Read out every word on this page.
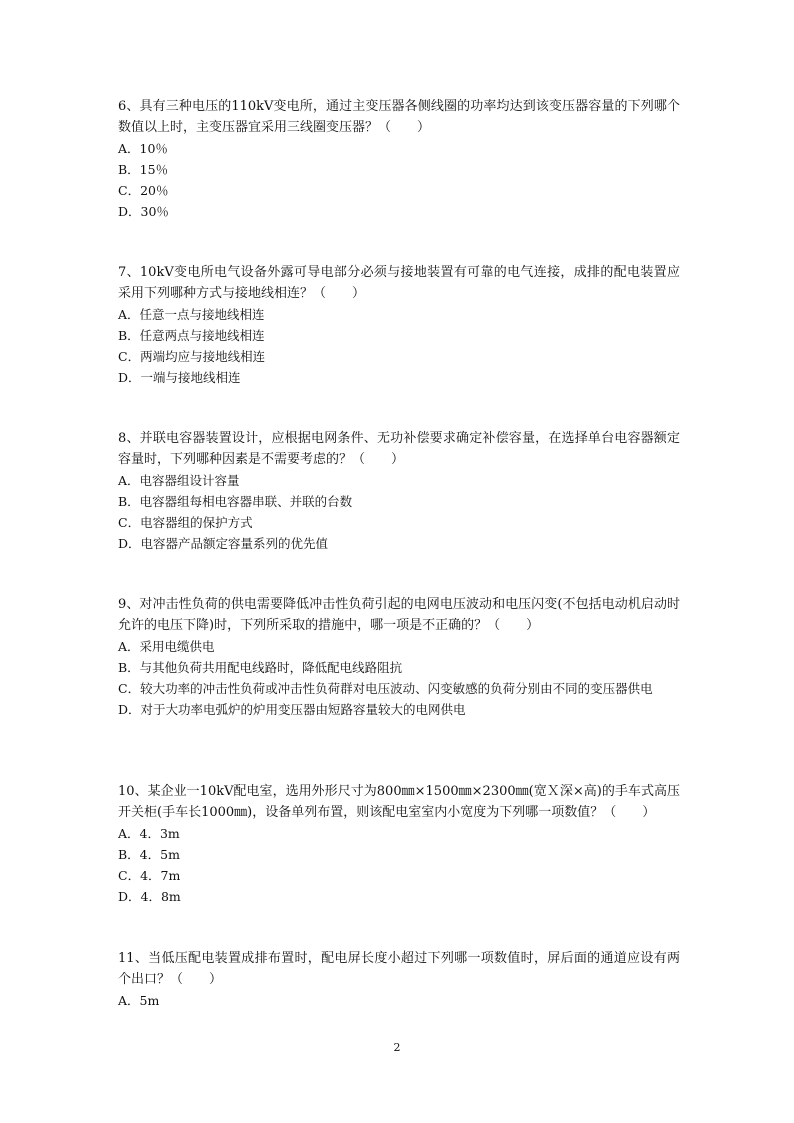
6、具有三种电压的110kV变电所，通过主变压器各侧线圈的功率均达到该变压器容量的下列哪个数值以上时，主变压器宜采用三线圈变压器？（　　）

A．10％

B．15％

C．20％

D．30％

7、10kV变电所电气设备外露可导电部分必须与接地装置有可靠的电气连接，成排的配电装置应采用下列哪种方式与接地线相连？（　　）

A．任意一点与接地线相连

B．任意两点与接地线相连

C．两端均应与接地线相连

D．一端与接地线相连

8、并联电容器装置设计，应根据电网条件、无功补偿要求确定补偿容量，在选择单台电容器额定容量时，下列哪种因素是不需要考虑的？（　　）

A．电容器组设计容量

B．电容器组每相电容器串联、并联的台数

C．电容器组的保护方式

D．电容器产品额定容量系列的优先值

9、对冲击性负荷的供电需要降低冲击性负荷引起的电网电压波动和电压闪变(不包括电动机启动时允许的电压下降)时，下列所采取的措施中，哪一项是不正确的？（　　）

A．采用电缆供电

B．与其他负荷共用配电线路时，降低配电线路阻抗

C．较大功率的冲击性负荷或冲击性负荷群对电压波动、闪变敏感的负荷分别由不同的变压器供电

D．对于大功率电弧炉的炉用变压器由短路容量较大的电网供电

10、某企业一10kV配电室，选用外形尺寸为800㎜×1500㎜×2300㎜(宽Ｘ深×高)的手车式高压开关柜(手车长1000㎜)，设备单列布置，则该配电室室内小宽度为下列哪一项数值？（　　）

A．4．3m

B．4．5m

C．4．7m

D．4．8m

11、当低压配电装置成排布置时，配电屏长度小超过下列哪一项数值时，屏后面的通道应设有两个出口？（　　）

A．5m

2
